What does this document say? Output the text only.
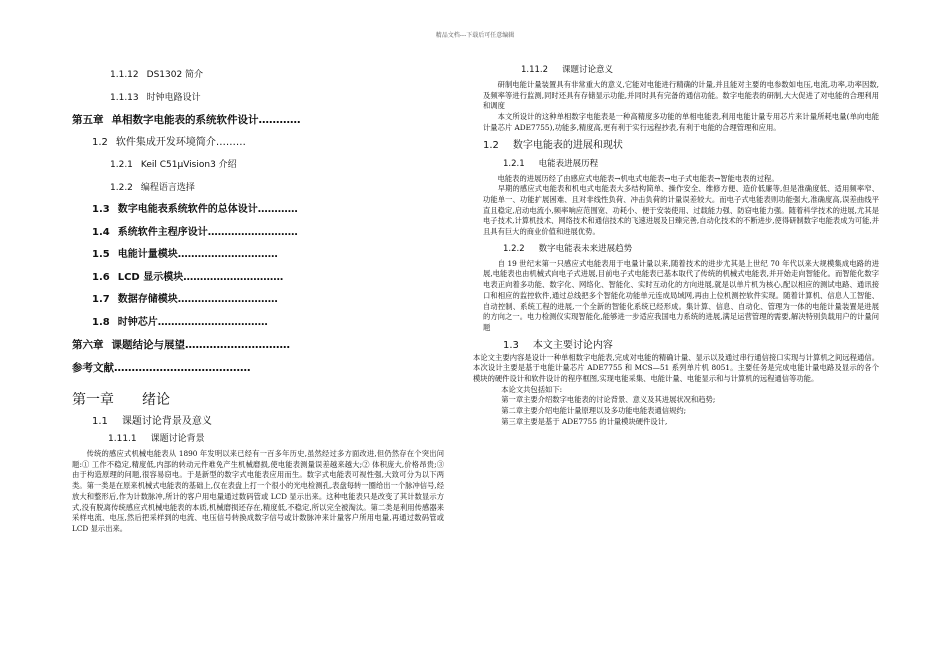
精品文档---下载后可任意编辑
1.1.12 DS1302 简介
1.1.13 时钟电路设计
第五章 单相数字电能表的系统软件设计…………
1.2 软件集成开发环境简介………
1.2.1 Keil C51μVision3 介绍
1.2.2 编程语言选择
1.3 数字电能表系统软件的总体设计…………
1.4 系统软件主程序设计………………………
1.5 电能计量模块…………………………
1.6 LCD 显示模块…………………………
1.7 数据存储模块…………………………
1.8 时钟芯片……………………………
第六章 课题结论与展望…………………………
参考文献…………………………………
第一章 绪论
1.1 课题讨论背景及意义
1.11.1 课题讨论背景

传统的感应式机械电能表从 1890 年发明以来已经有一百多年历史,虽然经过多方面改进,但仍然存在个突出问题:① 工作不稳定,精度低,内部的转动元件难免产生机械磨损,使电能表测量误差越来越大;② 体积庞大,价格昂贵;③ 由于构造原理的问题,很容易窃电。于是新型的数字式电能表应用而生。数字式电能表可视性强,大致可分为以下两类。第一类是在原来机械式电能表的基础上,仅在表盘上打一个很小的光电检测孔,表盘每转一圈给出一个脉冲信号,经放大和整形后,作为计数脉冲,所计的客户用电量通过数码管或 LCD 显示出来。这种电能表只是改变了其计数显示方式,没有脱离传统感应式机械电能表的本质,机械磨损还存在,精度低,不稳定,所以完全被淘汰。第二类是利用传感器来采样电流、电压,然后把采样到的电流、电压信号转换成数字信号或计数脉冲来计量客户所用电量,再通过数码管或 LCD 显示出来。

1.11.2 课题讨论意义

研制电能计量装置具有非常重大的意义,它能对电能进行精确的计量,并且能对主要的电参数如电压,电流,功率,功率因数,及频率等进行监测,同时还具有存储显示功能,并同时具有完备的通信功能。数字电能表的研制,大大促进了对电能的合理利用和调度

本文所设计的这种单相数字电能表是一种高精度多功能的单相电能表,利用电能计量专用芯片来计量所耗电量(单向电能计量芯片 ADE7755),功能多,精度高,更有利于实行远程抄表,有利于电能的合理管理和应用。

1.2 数字电能表的进展和现状
1.2.1 电能表进展历程

电能表的进展历经了由感应式电能表→机电式电能表→电子式电能表→智能电表的过程。

早期的感应式电能表和机电式电能表大多结构简单、操作安全、维修方便、造价低廉等,但是准确度低、适用频率窄、功能单一、功能扩展困难、且对非线性负荷、冲击负荷的计量误差较大。而电子式电能表则功能强大,准确度高,误差曲线平直且稳定,启动电流小,频率响应范围宽、功耗小、便于安装使用、过载能力强、防窃电能力强。随着科学技术的进展,尤其是电子技术,计算机技术、网络技术和通信技术的飞速进展及日臻完善,自动化技术的不断进步,使得研制数字电能表成为可能,并且具有巨大的商业价值和进展优势。

1.2.2 数字电能表未来进展趋势

自 19 世纪末第一只感应式电能表用于电量计量以来,随着技术的进步尤其是上世纪 70 年代以来大规模集成电路的进展,电能表也由机械式向电子式进展,目前电子式电能表已基本取代了传统的机械式电能表,并开始走向智能化。而智能化数字电表正向着多功能、数字化、网络化、智能化、实时互动化的方向进展,就是以单片机为核心,配以相应的测试电路、通讯接口和相应的监控软件,通过总线把多个智能化功能单元连成局域网,再由上位机测控软件实现。随着计算机、信息人工智能、自动控制、系统工程的进展,一个全新的智能化系统已经形成。集计算、信息、自动化、管理为一体的电能计量装置是进展的方向之一。电力检测仪实现智能化,能够进一步适应我国电力系统的进展,满足运营管理的需要,解决特别负载用户的计量问题

1.3 本文主要讨论内容

本论文主要内容是设计一种单相数字电能表,完成对电能的精确计量、显示以及通过串行通信接口实现与计算机之间远程通信。本次设计主要是基于电能计量芯片 ADE7755 和 MCS—51 系列单片机 8051。主要任务是完成电能计量电路及显示的各个模块的硬件设计和软件设计的程序框图,实现电能采集、电能计量、电能显示和与计算机的远程通信等功能。

本论文共包括如下:

第一章主要介绍数字电能表的讨论背景、意义及其进展状况和趋势;

第二章主要介绍电能计量原理以及多功能电能表通信规约;

第三章主要是基于 ADE7755 的计量模块硬件设计,
